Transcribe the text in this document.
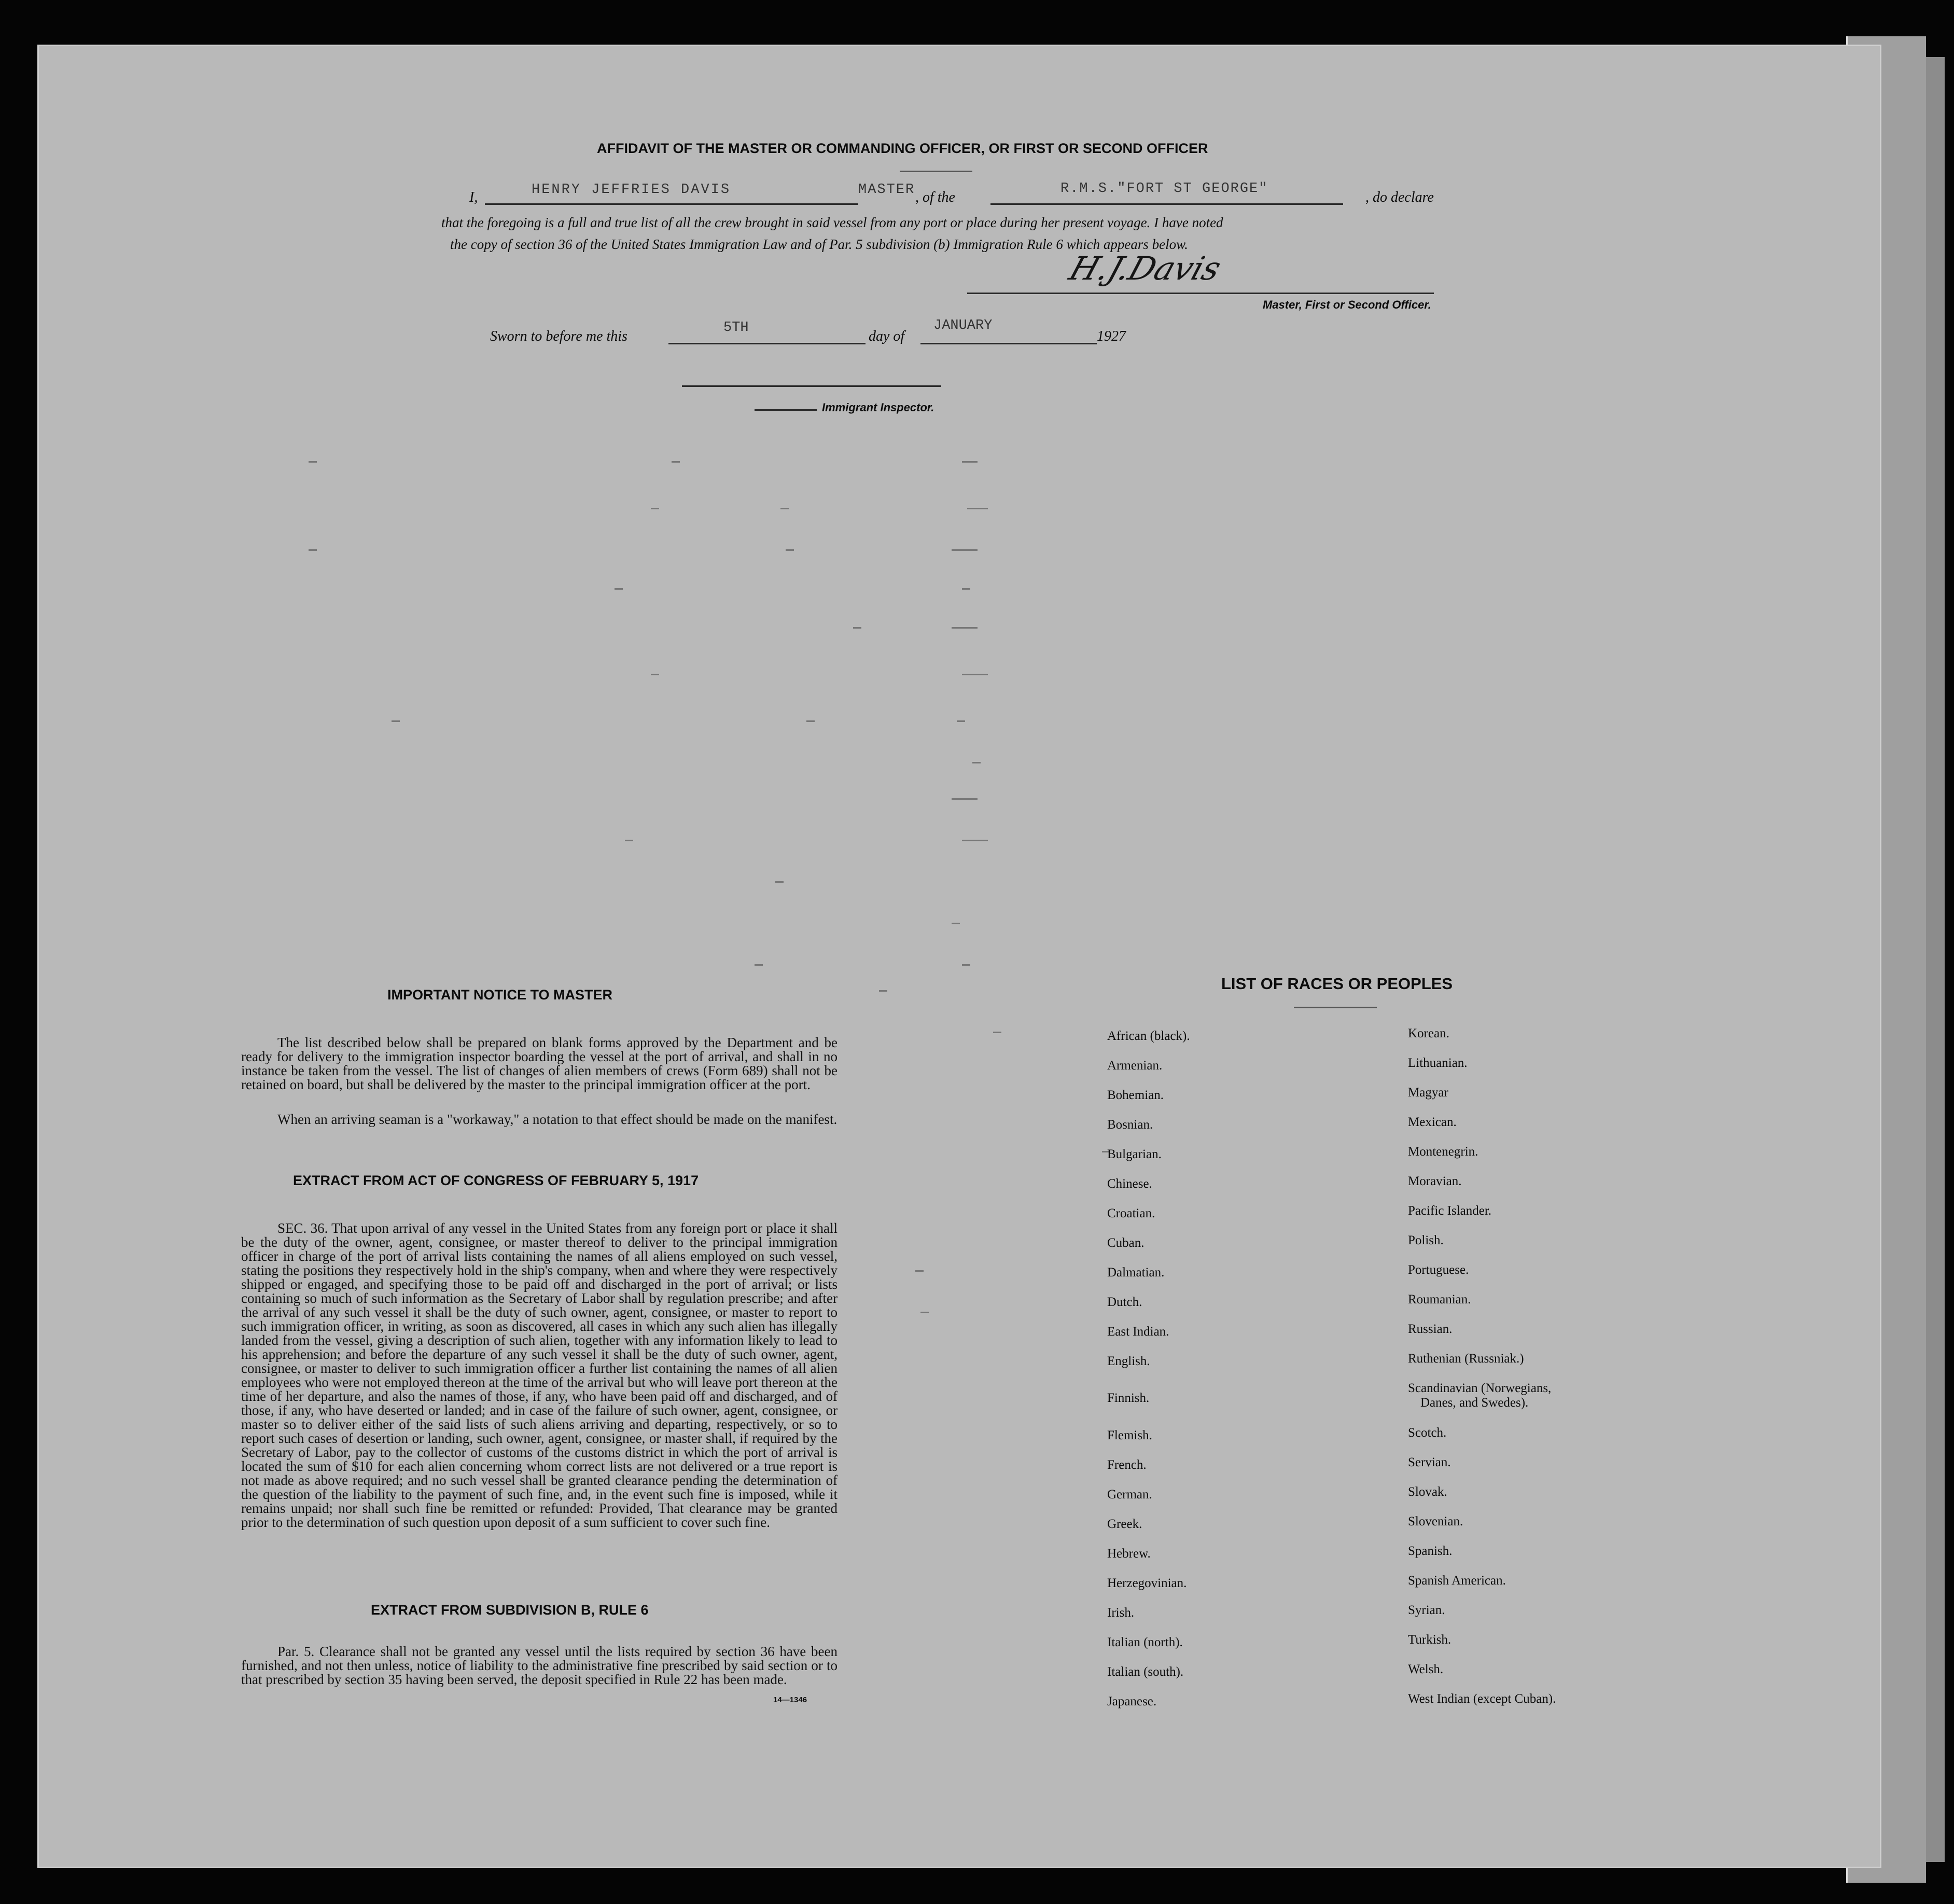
AFFIDAVIT OF THE MASTER OR COMMANDING OFFICER, OR FIRST OR SECOND OFFICER
I,	HENRY JEFFRIES DAVIS	MASTER , of the
R.M.S."FORT ST GEORGE"
, do declare
that the foregoing is a full and true list of all the crew brought in said vessel from any port or place during her present voyage. I have noted
the copy of section 36 of the United States Immigration Law and of Par. 5 subdivision (b) Immigration Rule 6 which appears below.
H.J.Davis
Master, First or Second Officer.
Sworn to before me this
5TH
day of
JANUARY
1927
Immigrant Inspector.
IMPORTANT NOTICE TO MASTER
The list described below shall be prepared on blank forms approved by the Department and be ready for delivery to the immigration inspector boarding the vessel at the port of arrival, and shall in no instance be taken from the vessel. The list of changes of alien members of crews (Form 689) shall not be retained on board, but shall be delivered by the master to the principal immigration officer at the port.
When an arriving seaman is a "workaway," a notation to that effect should be made on the manifest.
EXTRACT FROM ACT OF CONGRESS OF FEBRUARY 5, 1917
SEC. 36. That upon arrival of any vessel in the United States from any foreign port or place it shall be the duty of the owner, agent, consignee, or master thereof to deliver to the principal immigration officer in charge of the port of arrival lists containing the names of all aliens employed on such vessel, stating the positions they respectively hold in the ship's company, when and where they were respectively shipped or engaged, and specifying those to be paid off and discharged in the port of arrival; or lists containing so much of such information as the Secretary of Labor shall by regulation prescribe; and after the arrival of any such vessel it shall be the duty of such owner, agent, consignee, or master to report to such immigration officer, in writing, as soon as discovered, all cases in which any such alien has illegally landed from the vessel, giving a description of such alien, together with any information likely to lead to his apprehension; and before the departure of any such vessel it shall be the duty of such owner, agent, consignee, or master to deliver to such immigration officer a further list containing the names of all alien employees who were not employed thereon at the time of the arrival but who will leave port thereon at the time of her departure, and also the names of those, if any, who have been paid off and discharged, and of those, if any, who have deserted or landed; and in case of the failure of such owner, agent, consignee, or master so to deliver either of the said lists of such aliens arriving and departing, respectively, or so to report such cases of desertion or landing, such owner, agent, consignee, or master shall, if required by the Secretary of Labor, pay to the collector of customs of the customs district in which the port of arrival is located the sum of $10 for each alien concerning whom correct lists are not delivered or a true report is not made as above required; and no such vessel shall be granted clearance pending the determination of the question of the liability to the payment of such fine, and, in the event such fine is imposed, while it remains unpaid; nor shall such fine be remitted or refunded: Provided, That clearance may be granted prior to the determination of such question upon deposit of a sum sufficient to cover such fine.
EXTRACT FROM SUBDIVISION B, RULE 6
Par. 5. Clearance shall not be granted any vessel until the lists required by section 36 have been furnished, and not then unless, notice of liability to the administrative fine prescribed by said section or to that prescribed by section 35 having been served, the deposit specified in Rule 22 has been made.
14—1346
LIST OF RACES OR PEOPLES
African (black).
Armenian.
Bohemian.
Bosnian.
Bulgarian.
Chinese.
Croatian.
Cuban.
Dalmatian.
Dutch.
East Indian.
English.
Finnish.
Flemish.
French.
German.
Greek.
Hebrew.
Herzegovinian.
Irish.
Italian (north).
Italian (south).
Japanese.
Korean.
Lithuanian.
Magyar
Mexican.
Montenegrin.
Moravian.
Pacific Islander.
Polish.
Portuguese.
Roumanian.
Russian.
Ruthenian (Russniak.)
Scandinavian (Norwegians,
Danes, and Swedes).
Scotch.
Servian.
Slovak.
Slovenian.
Spanish.
Spanish American.
Syrian.
Turkish.
Welsh.
West Indian (except Cuban).
